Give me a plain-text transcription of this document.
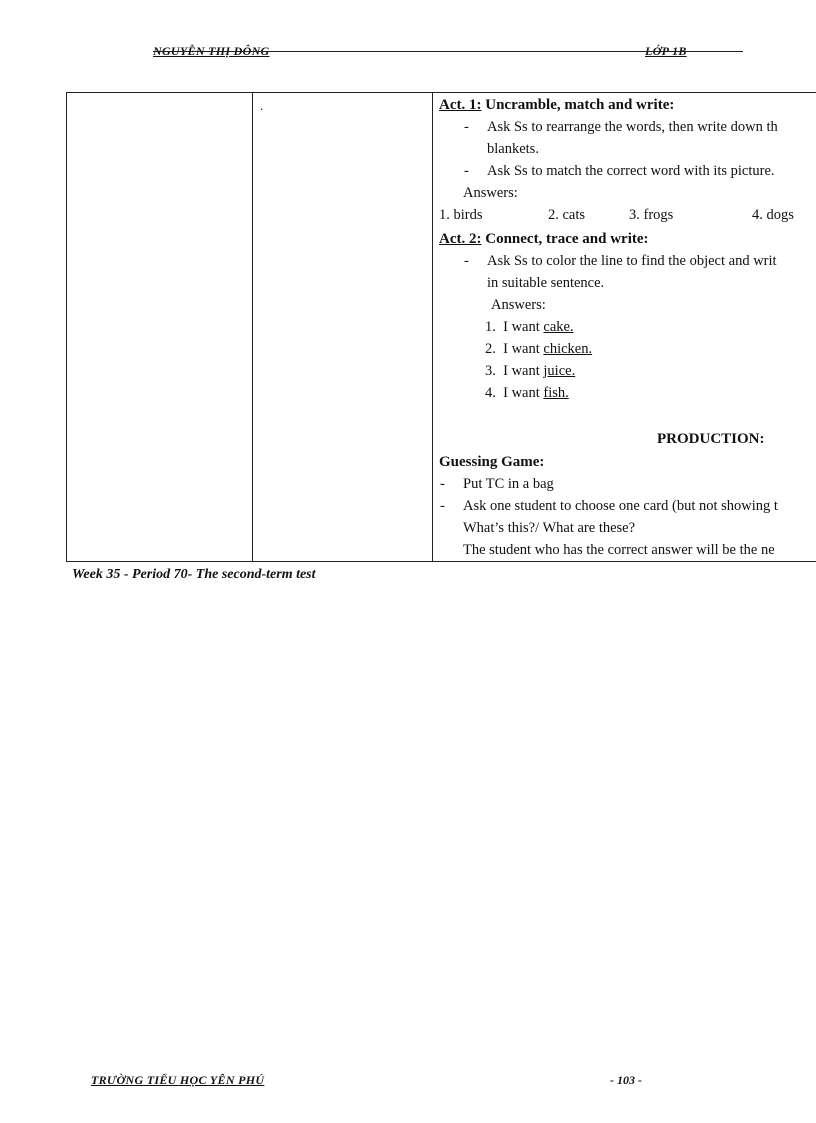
NGUYỄN THỊ ĐÔNG	LỚP 1B
.	Act. 1: Uncramble, match and write:
- Ask Ss to rearrange the words, then write down th
blankets.
- Ask Ss to match the correct word with its picture.
Answers:
1. birds	2. cats	3. frogs	4. dogs
Act. 2: Connect, trace and write:
- Ask Ss to color the line to find the object and writ
in suitable sentence.
Answers:
1. I want cake.
2. I want chicken.
3. I want juice.
4. I want fish.
PRODUCTION:
Guessing Game:
- Put TC in a bag
- Ask one student to choose one card (but not showing t
What’s this?/ What are these?
The student who has the correct answer will be the ne
Week 35 - Period 70- The second-term test
TRƯỜNG TIỂU HỌC YÊN PHÚ	- 103 -
